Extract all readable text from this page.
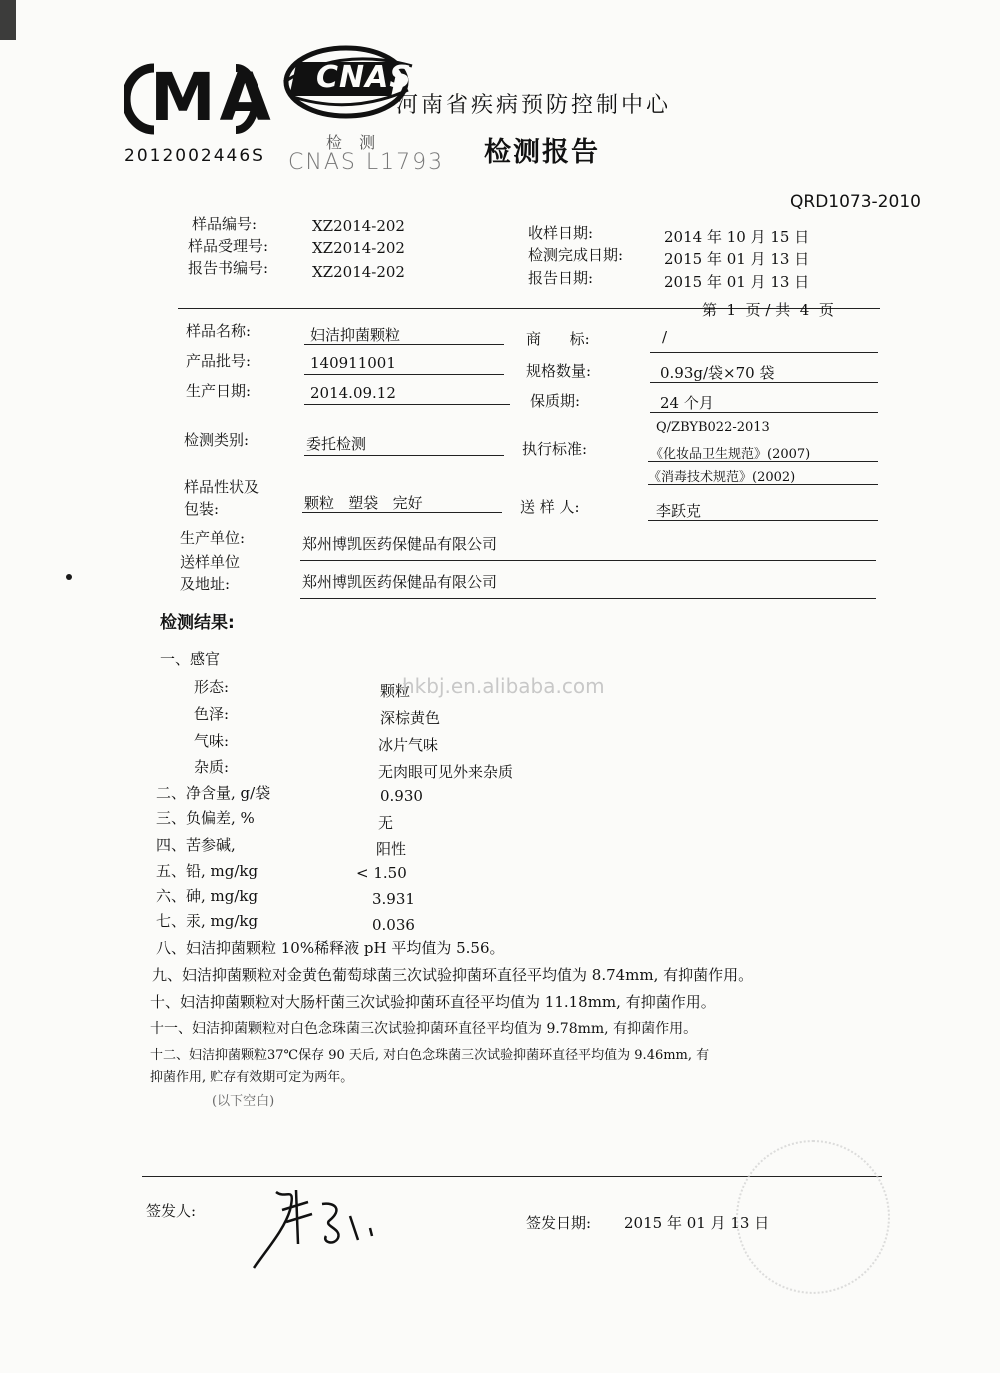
MA
2012002446S
CNAS
检 测
CNAS L1793
河南省疾病预防控制中心
检测报告
QRD1073-2010
样品编号:	XZ2014-202
样品受理号:	XZ2014-202
报告书编号:	XZ2014-202
收样日期:	2014 年 10 月 15 日
检测完成日期:	2015 年 01 月 13 日
报告日期:	2015 年 01 月 13 日
第  1  页 / 共  4  页
样品名称:	妇洁抑菌颗粒	商      标:	/
产品批号:	140911001	规格数量:	0.93g/袋×70 袋
生产日期:	2014.09.12	保质期:	24 个月
检测类别:	委托检测	执行标准:
Q/ZBYB022-2013
《化妆品卫生规范》(2007)
《消毒技术规范》(2002)
样品性状及
包装:	颗粒   塑袋   完好	送 样 人:	李跃克
生产单位:	郑州博凯医药保健品有限公司
送样单位
及地址:	郑州博凯医药保健品有限公司
检测结果:
一、感官
形态:	颗粒
色泽:	深棕黄色
气味:	冰片气味
杂质:	无肉眼可见外来杂质
二、净含量, g/袋	0.930
三、负偏差, %	无
四、苦参碱,	阳性
五、铅, mg/kg	< 1.50
六、砷, mg/kg	3.931
七、汞, mg/kg	0.036
八、妇洁抑菌颗粒 10%稀释液 pH 平均值为 5.56。
九、妇洁抑菌颗粒对金黄色葡萄球菌三次试验抑菌环直径平均值为 8.74mm, 有抑菌作用。
十、妇洁抑菌颗粒对大肠杆菌三次试验抑菌环直径平均值为 11.18mm, 有抑菌作用。
十一、妇洁抑菌颗粒对白色念珠菌三次试验抑菌环直径平均值为 9.78mm, 有抑菌作用。
十二、妇洁抑菌颗粒37℃保存 90 天后, 对白色念珠菌三次试验抑菌环直径平均值为 9.46mm, 有
抑菌作用, 贮存有效期可定为两年。
(以下空白)
hkbj.en.alibaba.com
签发人:
签发日期: 2015 年 01 月 13 日
